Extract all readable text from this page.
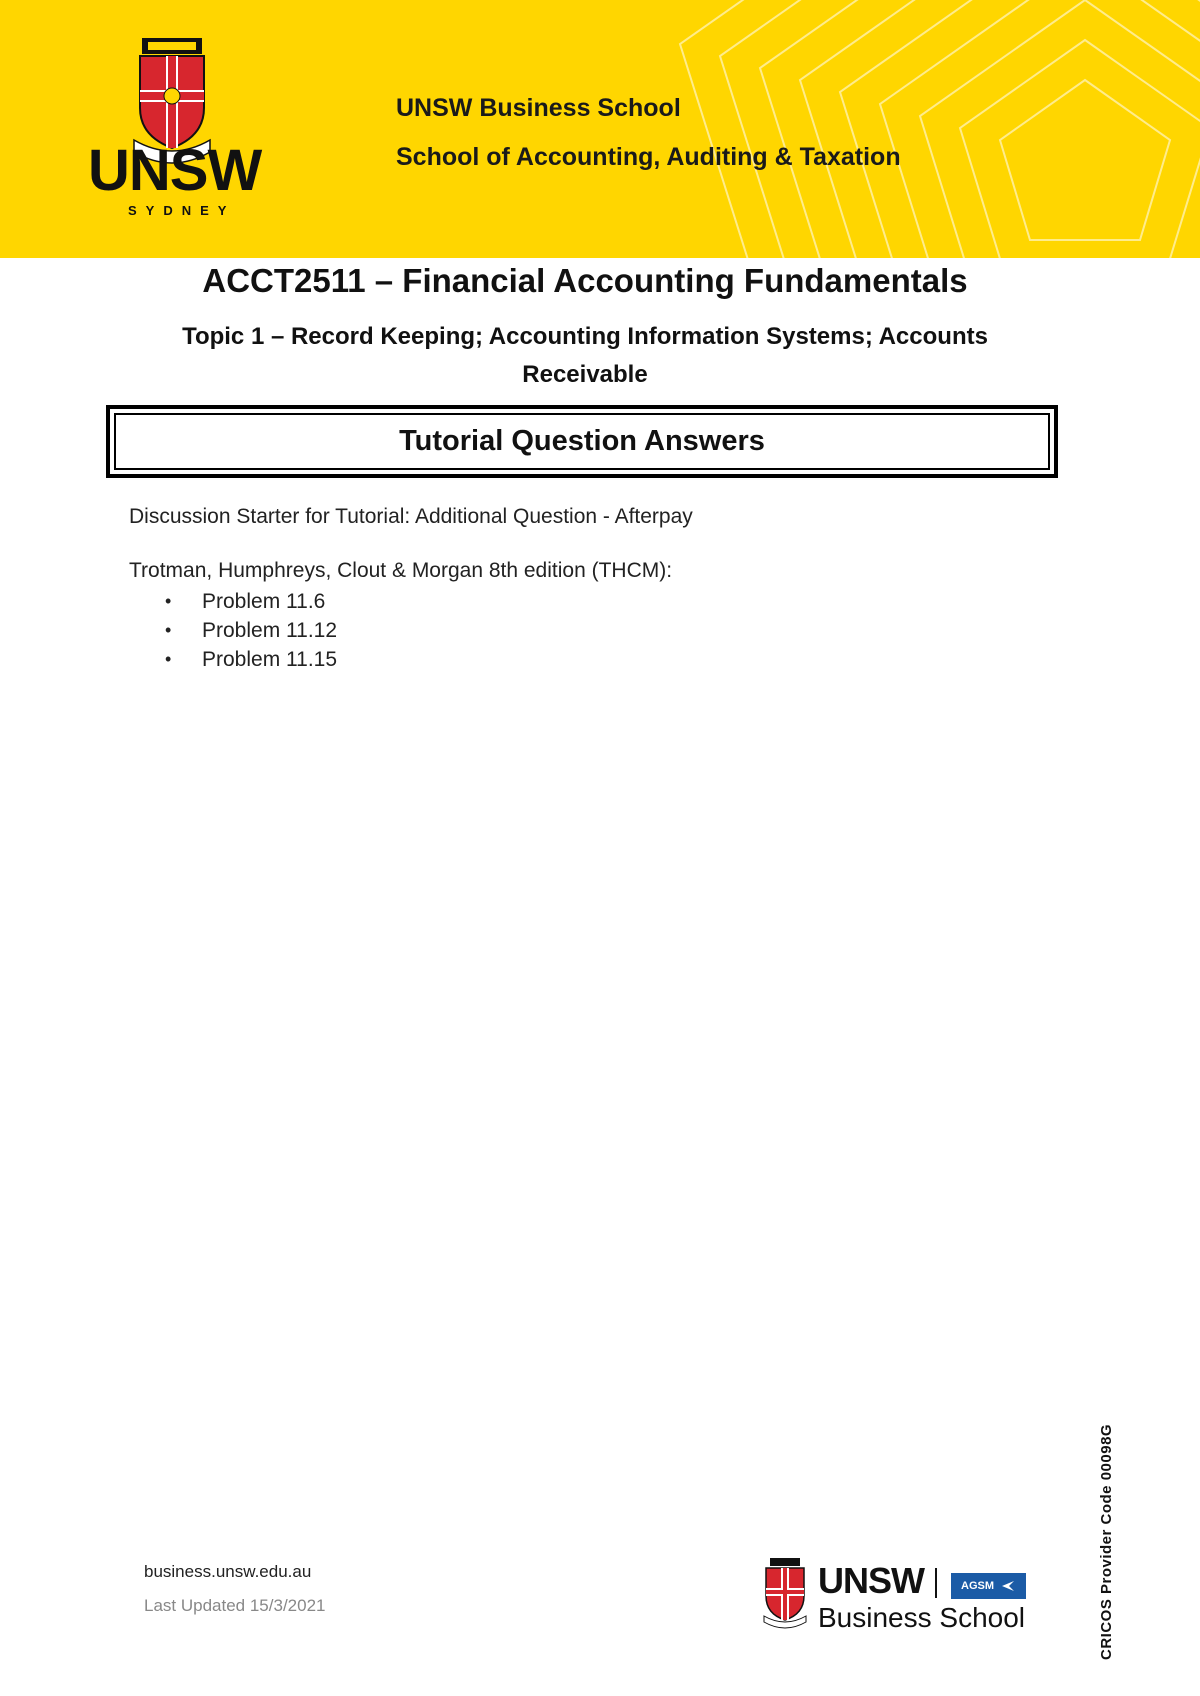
UNSW
SYDNEY
UNSW Business School
School of Accounting, Auditing & Taxation
ACCT2511 – Financial Accounting Fundamentals
Topic 1 – Record Keeping; Accounting Information Systems; Accounts
Receivable
Tutorial Question Answers
Discussion Starter for Tutorial: Additional Question - Afterpay
Trotman, Humphreys, Clout & Morgan 8th edition (THCM):
•	Problem 11.6
•	Problem 11.12
•	Problem 11.15
business.unsw.edu.au
Last Updated 15/3/2021
UNSW	AGSM
Business School	CRICOS Provider Code 00098G
